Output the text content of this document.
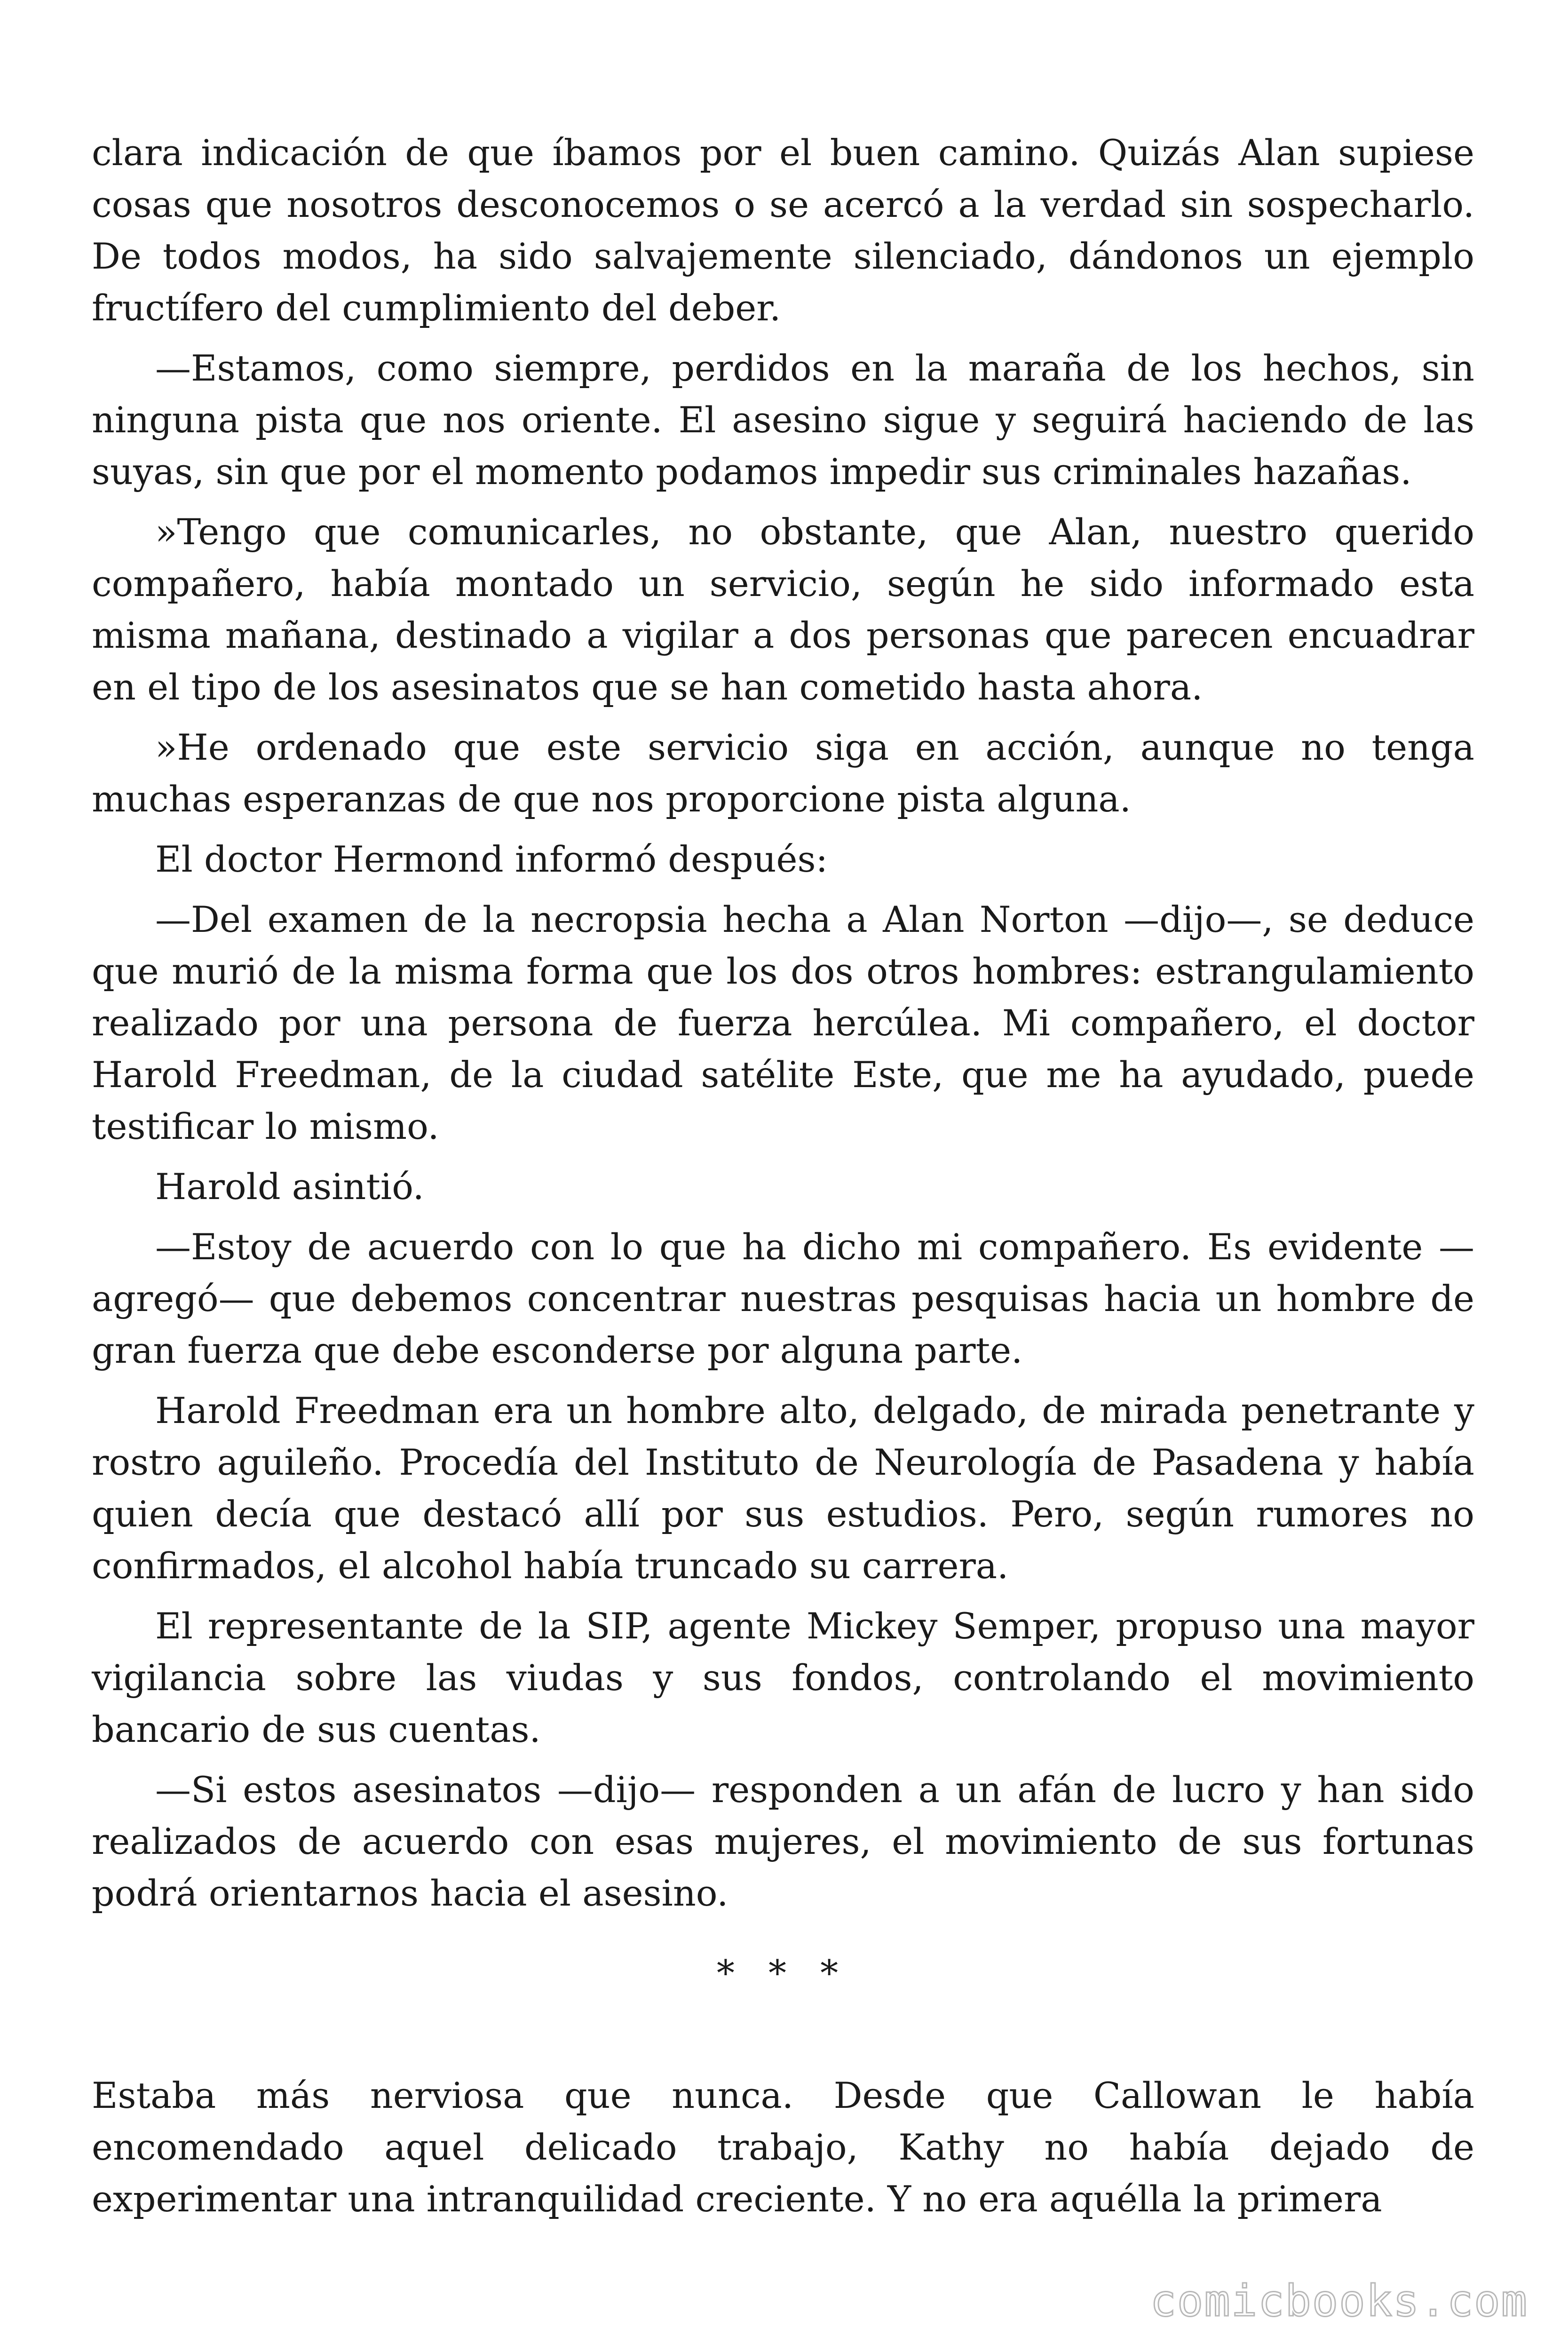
clara indicación de que íbamos por el buen camino. Quizás Alan supiese cosas que nosotros desconocemos o se acercó a la verdad sin sospecharlo. De todos modos, ha sido salvajemente silenciado, dándonos un ejemplo fructífero del cumplimiento del deber.

—Estamos, como siempre, perdidos en la maraña de los hechos, sin ninguna pista que nos oriente. El asesino sigue y seguirá haciendo de las suyas, sin que por el momento podamos impedir sus criminales hazañas.

»Tengo que comunicarles, no obstante, que Alan, nuestro querido compañero, había montado un servicio, según he sido informado esta misma mañana, destinado a vigilar a dos personas que parecen encuadrar en el tipo de los asesinatos que se han cometido hasta ahora.

»He ordenado que este servicio siga en acción, aunque no tenga muchas esperanzas de que nos proporcione pista alguna.

El doctor Hermond informó después:

—Del examen de la necropsia hecha a Alan Norton —dijo—, se deduce que murió de la misma forma que los dos otros hombres: estrangulamiento realizado por una persona de fuerza hercúlea. Mi compañero, el doctor Harold Freedman, de la ciudad satélite Este, que me ha ayudado, puede testificar lo mismo.

Harold asintió.

—Estoy de acuerdo con lo que ha dicho mi compañero. Es evidente —agregó— que debemos concentrar nuestras pesquisas hacia un hombre de gran fuerza que debe esconderse por alguna parte.

Harold Freedman era un hombre alto, delgado, de mirada penetrante y rostro aguileño. Procedía del Instituto de Neurología de Pasadena y había quien decía que destacó allí por sus estudios. Pero, según rumores no confirmados, el alcohol había truncado su carrera.

El representante de la SIP, agente Mickey Semper, propuso una mayor vigilancia sobre las viudas y sus fondos, controlando el movimiento bancario de sus cuentas.

—Si estos asesinatos —dijo— responden a un afán de lucro y han sido realizados de acuerdo con esas mujeres, el movimiento de sus fortunas podrá orientarnos hacia el asesino.

* * *

Estaba más nerviosa que nunca. Desde que Callowan le había encomendado aquel delicado trabajo, Kathy no había dejado de experimentar una intranquilidad creciente. Y no era aquélla la primera

comicbooks.com
